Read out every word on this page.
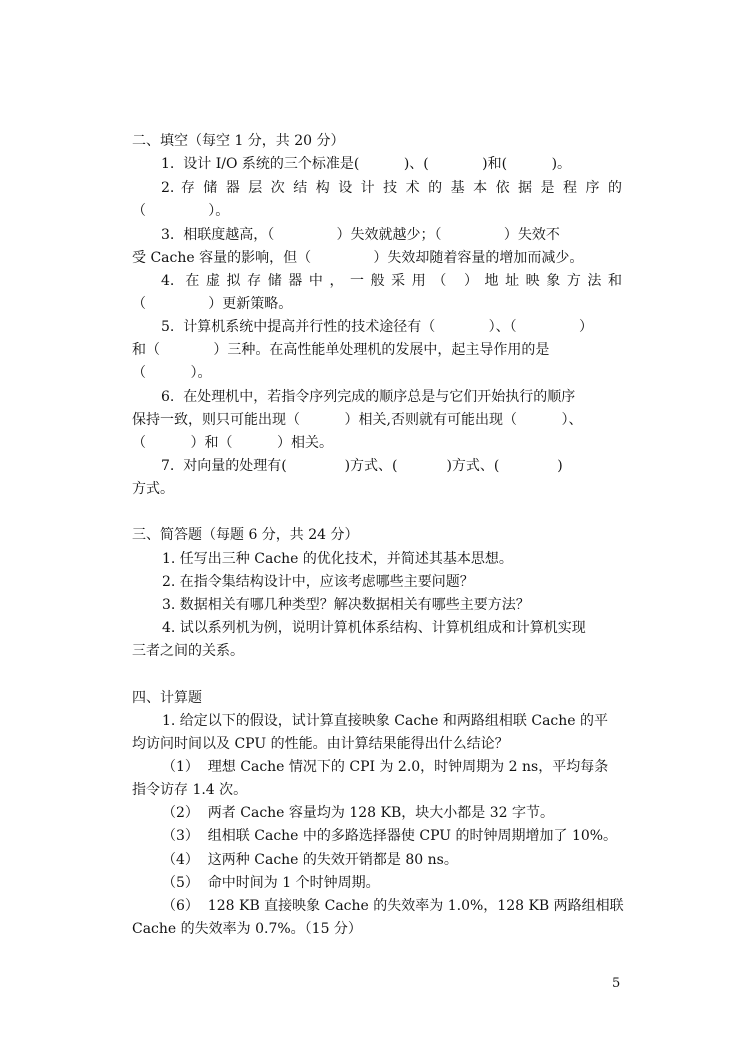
二、填空（每空 1 分，共 20 分）
1.  设计 I/O 系统的三个标准是(          )、(            )和(          )。
2. 存 储 器 层 次 结 构 设 计 技 术 的 基 本 依 据 是 程 序 的
（              ）。
3.  相联度越高，（              ）失效就越少；（              ）失效不
受 Cache 容量的影响，但（              ）失效却随着容量的增加而减少。
4. 在虚拟存储器中，一般采用（ ）地址映象方法和
（              ）更新策略。
5.  计算机系统中提高并行性的技术途径有（            ）、（              ）
和（            ）三种。在高性能单处理机的发展中，起主导作用的是
（          ）。
6.  在处理机中，若指令序列完成的顺序总是与它们开始执行的顺序
保持一致，则只可能出现（          ）相关,否则就有可能出现（          ）、
（          ）和（          ）相关。
7.  对向量的处理有(             )方式、(           )方式、(             )
方式。
三、简答题（每题 6 分，共 24 分）
1. 任写出三种 Cache 的优化技术，并简述其基本思想。
2. 在指令集结构设计中，应该考虑哪些主要问题？
3. 数据相关有哪几种类型？解决数据相关有哪些主要方法？
4. 试以系列机为例，说明计算机体系结构、计算机组成和计算机实现
三者之间的关系。
四、计算题
1. 给定以下的假设，试计算直接映象 Cache 和两路组相联 Cache 的平
均访问时间以及 CPU 的性能。由计算结果能得出什么结论？
（1）  理想 Cache 情况下的 CPI 为 2.0，时钟周期为 2 ns，平均每条
指令访存 1.4 次。
（2）  两者 Cache 容量均为 128 KB，块大小都是 32 字节。
（3）  组相联 Cache 中的多路选择器使 CPU 的时钟周期增加了 10%。
（4）  这两种 Cache 的失效开销都是 80 ns。
（5）  命中时间为 1 个时钟周期。
（6）  128 KB 直接映象 Cache 的失效率为 1.0%，128 KB 两路组相联
Cache 的失效率为 0.7%。（15 分）
5
